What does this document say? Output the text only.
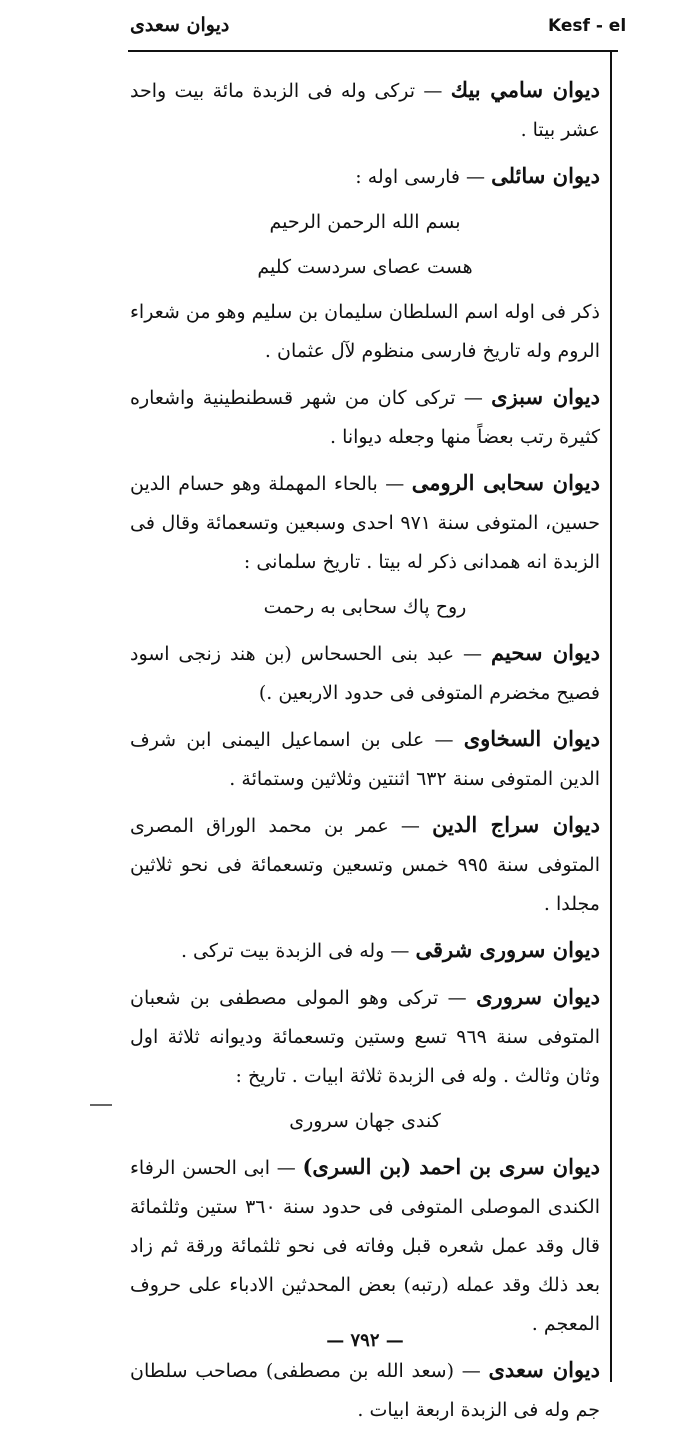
Kesf - el
ديوان سعدى
ديوان سامي بيك — تركى وله فى الزبدة مائة بيت واحد عشر بيتا .
ديوان سائلى — فارسى اوله :
بسم الله الرحمن الرحيم
هست عصاى سردست كليم
ذكر فى اوله اسم السلطان سليمان بن سليم وهو من شعراء الروم وله تاريخ فارسى منظوم لآل عثمان .
ديوان سبزى — تركى كان من شهر قسطنطينية واشعاره كثيرة رتب بعضاً منها وجعله ديوانا .
ديوان سحابى الرومى — بالحاء المهملة وهو حسام الدين حسين، المتوفى سنة ٩٧١ احدى وسبعين وتسعمائة وقال فى الزبدة انه همدانى ذكر له بيتا . تاريخ سلمانى :
روح پاك سحابى به رحمت
ديوان سحيم — عبد بنى الحسحاس (بن هند زنجى اسود فصيح مخضرم المتوفى فى حدود الاربعين .)
ديوان السخاوى — على بن اسماعيل اليمنى ابن شرف الدين المتوفى سنة ٦٣٢ اثنتين وثلاثين وستمائة .
ديوان سراج الدين — عمر بن محمد الوراق المصرى المتوفى سنة ٩٩٥ خمس وتسعين وتسعمائة فى نحو ثلاثين مجلدا .
ديوان سرورى شرقى — وله فى الزبدة بيت تركى .
ديوان سرورى — تركى وهو المولى مصطفى بن شعبان المتوفى سنة ٩٦٩ تسع وستين وتسعمائة وديوانه ثلاثة اول وثان وثالث . وله فى الزبدة ثلاثة ابيات . تاريخ :
كندى جهان سرورى
ديوان سرى بن احمد (بن السرى) — ابى الحسن الرفاء الكندى الموصلى المتوفى فى حدود سنة ٣٦٠ ستين وثلثمائة قال وقد عمل شعره قبل وفاته فى نحو ثلثمائة ورقة ثم زاد بعد ذلك وقد عمله (رتبه) بعض المحدثين الادباء على حروف المعجم .
ديوان سعدى — (سعد الله بن مصطفى) مصاحب سلطان جم وله فى الزبدة اربعة ابيات .
— ٧٩٢ —
